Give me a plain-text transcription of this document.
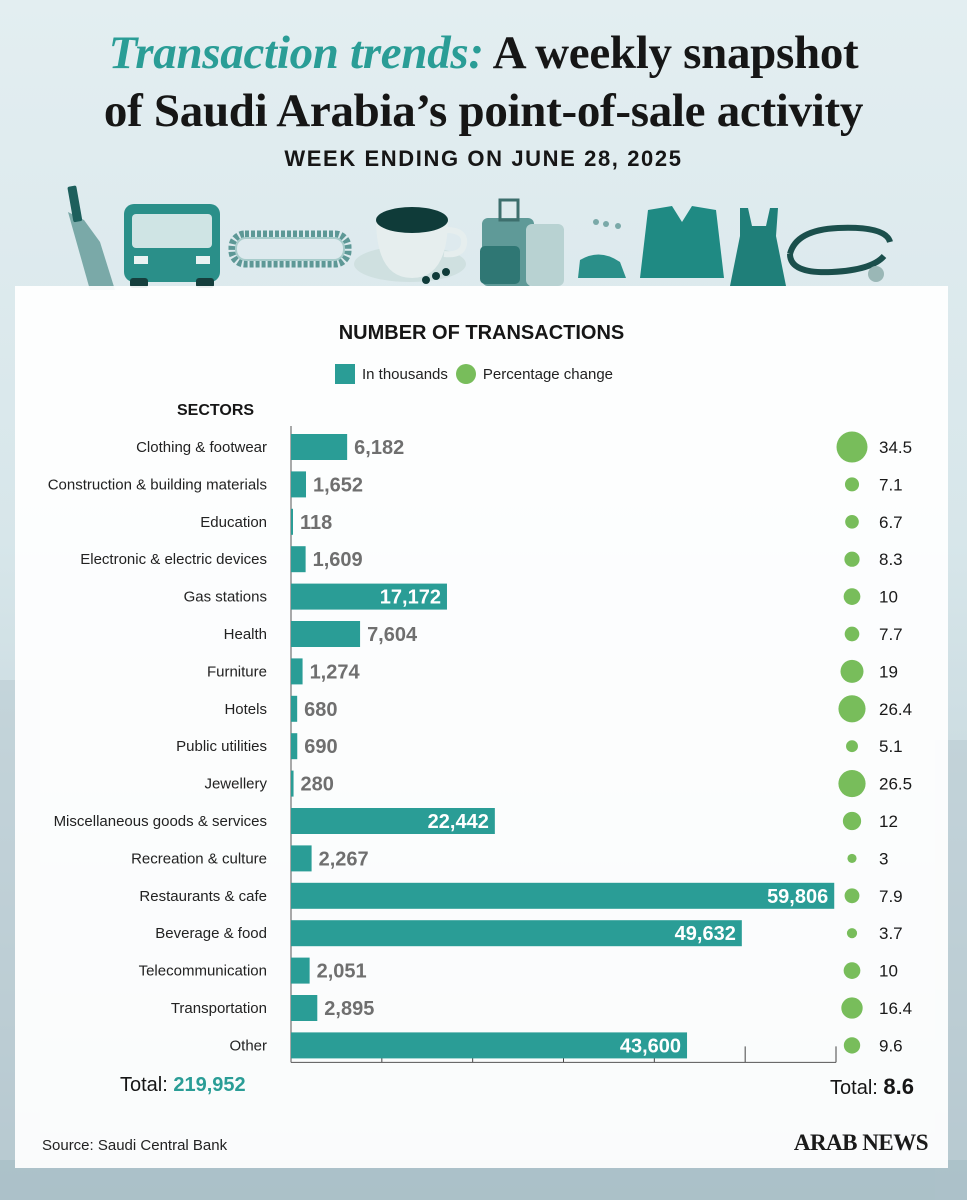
Transaction trends: A weekly snapshot
of Saudi Arabia’s point-of-sale activity
WEEK ENDING ON JUNE 28, 2025
NUMBER OF TRANSACTIONS
In thousands Percentage change
SECTORS
Clothing & footwear	6,182	34.5
Construction & building materials 1,652	7.1
Education 118	6.7
Electronic & electric devices 1,609	8.3
Gas stations	17,172	10
Health	7,604	7.7
Furniture 1,274	19
Hotels 680	26.4
Public utilities 690	5.1
Jewellery 280	26.5
Miscellaneous goods & services	22,442	12
Recreation & culture	2,267	3
Restaurants & cafe	59,806	7.9
Beverage & food	49,632	3.7
Telecommunication 2,051	10
Transportation	2,895	16.4
Other	43,600	9.6
Total: 219,952	Total: 8.6
Source: Saudi Central Bank	ARAB NEWS
